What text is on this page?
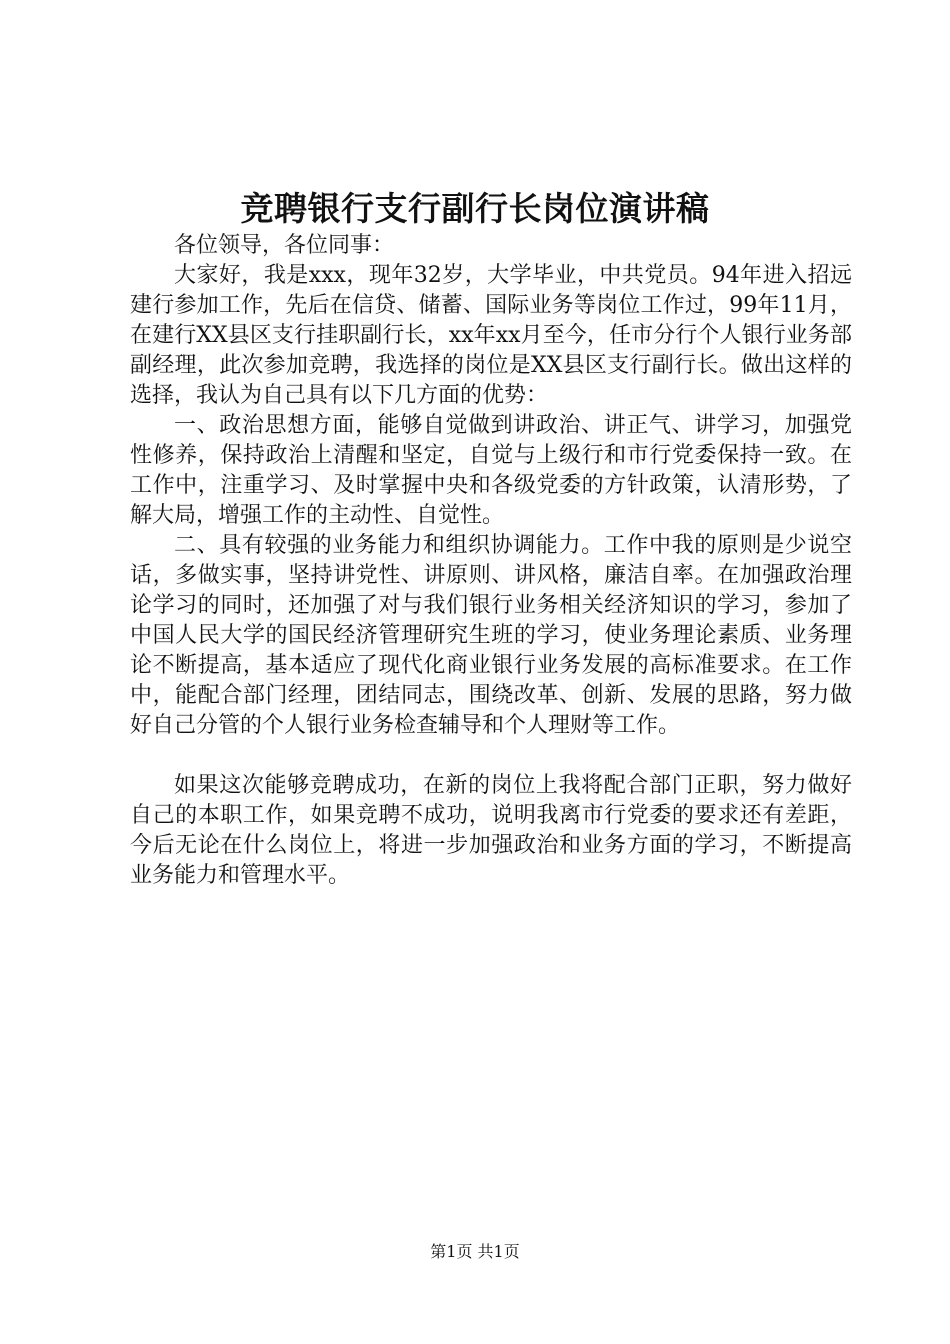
竞聘银行支行副行长岗位演讲稿

各位领导，各位同事：

大家好，我是xxx，现年32岁，大学毕业，中共党员。94年进入招远建行参加工作，先后在信贷、储蓄、国际业务等岗位工作过，99年11月，在建行XX县区支行挂职副行长，xx年xx月至今，任市分行个人银行业务部副经理，此次参加竞聘，我选择的岗位是XX县区支行副行长。做出这样的选择，我认为自己具有以下几方面的优势：

一、政治思想方面，能够自觉做到讲政治、讲正气、讲学习，加强党性修养，保持政治上清醒和坚定，自觉与上级行和市行党委保持一致。在工作中，注重学习、及时掌握中央和各级党委的方针政策，认清形势，了解大局，增强工作的主动性、自觉性。

二、具有较强的业务能力和组织协调能力。工作中我的原则是少说空话，多做实事，坚持讲党性、讲原则、讲风格，廉洁自率。在加强政治理论学习的同时，还加强了对与我们银行业务相关经济知识的学习，参加了中国人民大学的国民经济管理研究生班的学习，使业务理论素质、业务理论不断提高，基本适应了现代化商业银行业务发展的高标准要求。在工作中，能配合部门经理，团结同志，围绕改革、创新、发展的思路，努力做好自己分管的个人银行业务检查辅导和个人理财等工作。

如果这次能够竞聘成功，在新的岗位上我将配合部门正职，努力做好自己的本职工作，如果竞聘不成功，说明我离市行党委的要求还有差距，今后无论在什么岗位上，将进一步加强政治和业务方面的学习，不断提高业务能力和管理水平。

第1页 共1页
